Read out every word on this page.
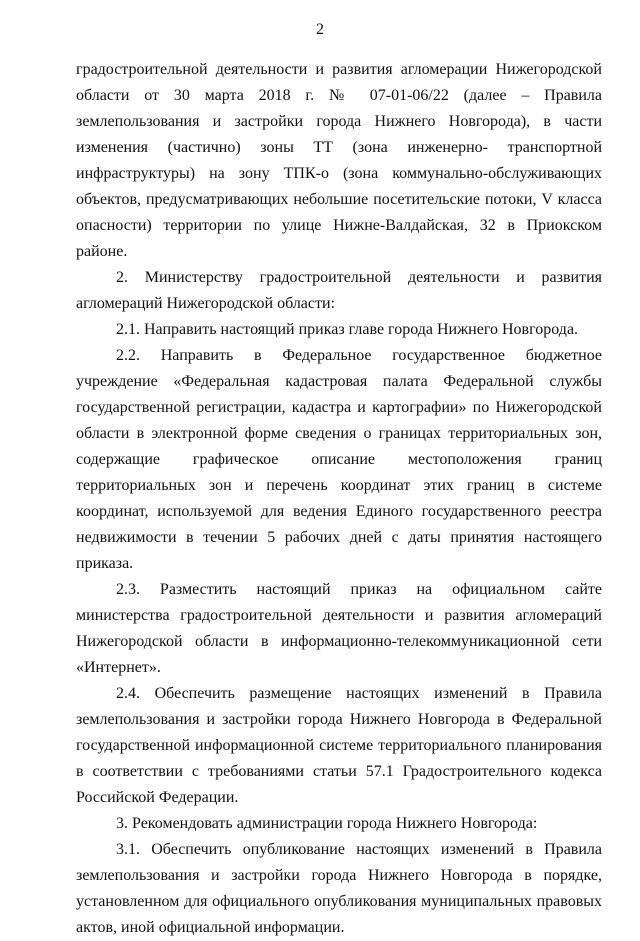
2

градостроительной деятельности и развития агломерации Нижегородской области от 30 марта 2018 г. № 07-01-06/22 (далее – Правила землепользования и застройки города Нижнего Новгорода), в части изменения (частично) зоны ТТ (зона инженерно- транспортной инфраструктуры) на зону ТПК-о (зона коммунально-обслуживающих объектов, предусматривающих небольшие посетительские потоки, V класса опасности) территории по улице Нижне-Валдайская, 32 в Приокском районе.

2. Министерству градостроительной деятельности и развития агломераций Нижегородской области:

2.1. Направить настоящий приказ главе города Нижнего Новгорода.

2.2. Направить в Федеральное государственное бюджетное учреждение «Федеральная кадастровая палата Федеральной службы государственной регистрации, кадастра и картографии» по Нижегородской области в электронной форме сведения о границах территориальных зон, содержащие графическое описание местоположения границ территориальных зон и перечень координат этих границ в системе координат, используемой для ведения Единого государственного реестра недвижимости в течении 5 рабочих дней с даты принятия настоящего приказа.

2.3. Разместить настоящий приказ на официальном сайте министерства градостроительной деятельности и развития агломераций Нижегородской области в информационно-телекоммуникационной сети «Интернет».

2.4. Обеспечить размещение настоящих изменений в Правила землепользования и застройки города Нижнего Новгорода в Федеральной государственной информационной системе территориального планирования в соответствии с требованиями статьи 57.1 Градостроительного кодекса Российской Федерации.

3. Рекомендовать администрации города Нижнего Новгорода:

3.1. Обеспечить опубликование настоящих изменений в Правила землепользования и застройки города Нижнего Новгорода в порядке, установленном для официального опубликования муниципальных правовых актов, иной официальной информации.
